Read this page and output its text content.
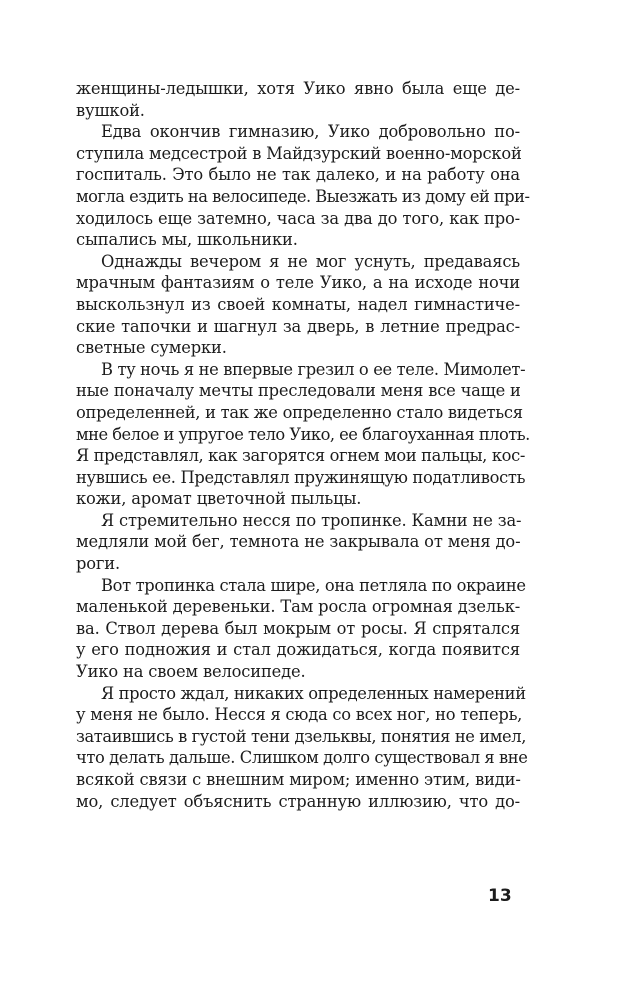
женщины-ледышки, хотя Уико явно была еще де-
вушкой.
Едва окончив гимназию, Уико добровольно по-
ступила медсестрой в Майдзурский военно-морской
госпиталь. Это было не так далеко, и на работу она
могла ездить на велосипеде. Выезжать из дому ей при-
ходилось еще затемно, часа за два до того, как про-
сыпались мы, школьники.
Однажды вечером я не мог уснуть, предаваясь
мрачным фантазиям о теле Уико, а на исходе ночи
выскользнул из своей комнаты, надел гимнастиче-
ские тапочки и шагнул за дверь, в летние предрас-
светные сумерки.
В ту ночь я не впервые грезил о ее теле. Мимолет-
ные поначалу мечты преследовали меня все чаще и
определенней, и так же определенно стало видеться
мне белое и упругое тело Уико, ее благоуханная плоть.
Я представлял, как загорятся огнем мои пальцы, кос-
нувшись ее. Представлял пружинящую податливость
кожи, аромат цветочной пыльцы.
Я стремительно несся по тропинке. Камни не за-
медляли мой бег, темнота не закрывала от меня до-
роги.
Вот тропинка стала шире, она петляла по окраине
маленькой деревеньки. Там росла огромная дзельк-
ва. Ствол дерева был мокрым от росы. Я спрятался
у его подножия и стал дожидаться, когда появится
Уико на своем велосипеде.
Я просто ждал, никаких определенных намерений
у меня не было. Несся я сюда со всех ног, но теперь,
затаившись в густой тени дзельквы, понятия не имел,
что делать дальше. Слишком долго существовал я вне
всякой связи с внешним миром; именно этим, види-
мо, следует объяснить странную иллюзию, что до-
13
